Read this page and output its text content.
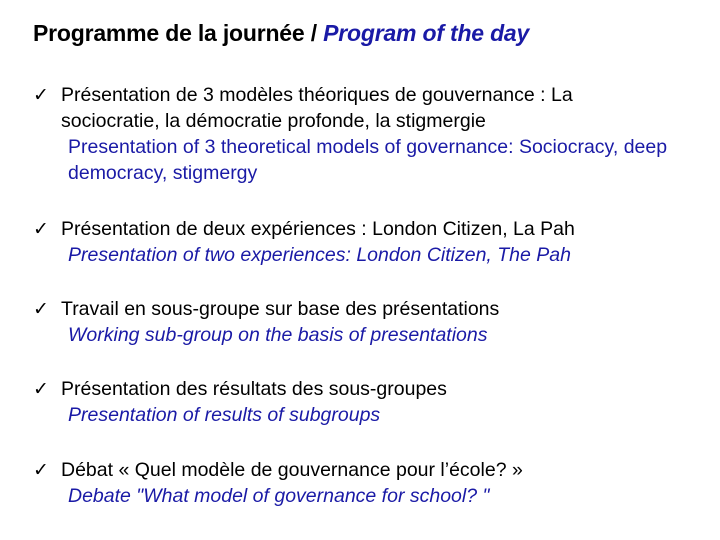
Programme de la journée / Program of the day
✓ Présentation de 3 modèles théoriques de gouvernance : La sociocratie, la démocratie profonde, la stigmergie
Presentation of 3 theoretical models of governance: Sociocracy, deep democracy, stigmergy
✓ Présentation de deux expériences : London Citizen, La Pah
Presentation of two experiences: London Citizen, The Pah
✓ Travail en sous-groupe sur base des présentations
Working sub-group on the basis of presentations
✓ Présentation des résultats des sous-groupes
Presentation of results of subgroups
✓ Débat « Quel modèle de gouvernance pour l’école? »
Debate "What model of governance for school? "
